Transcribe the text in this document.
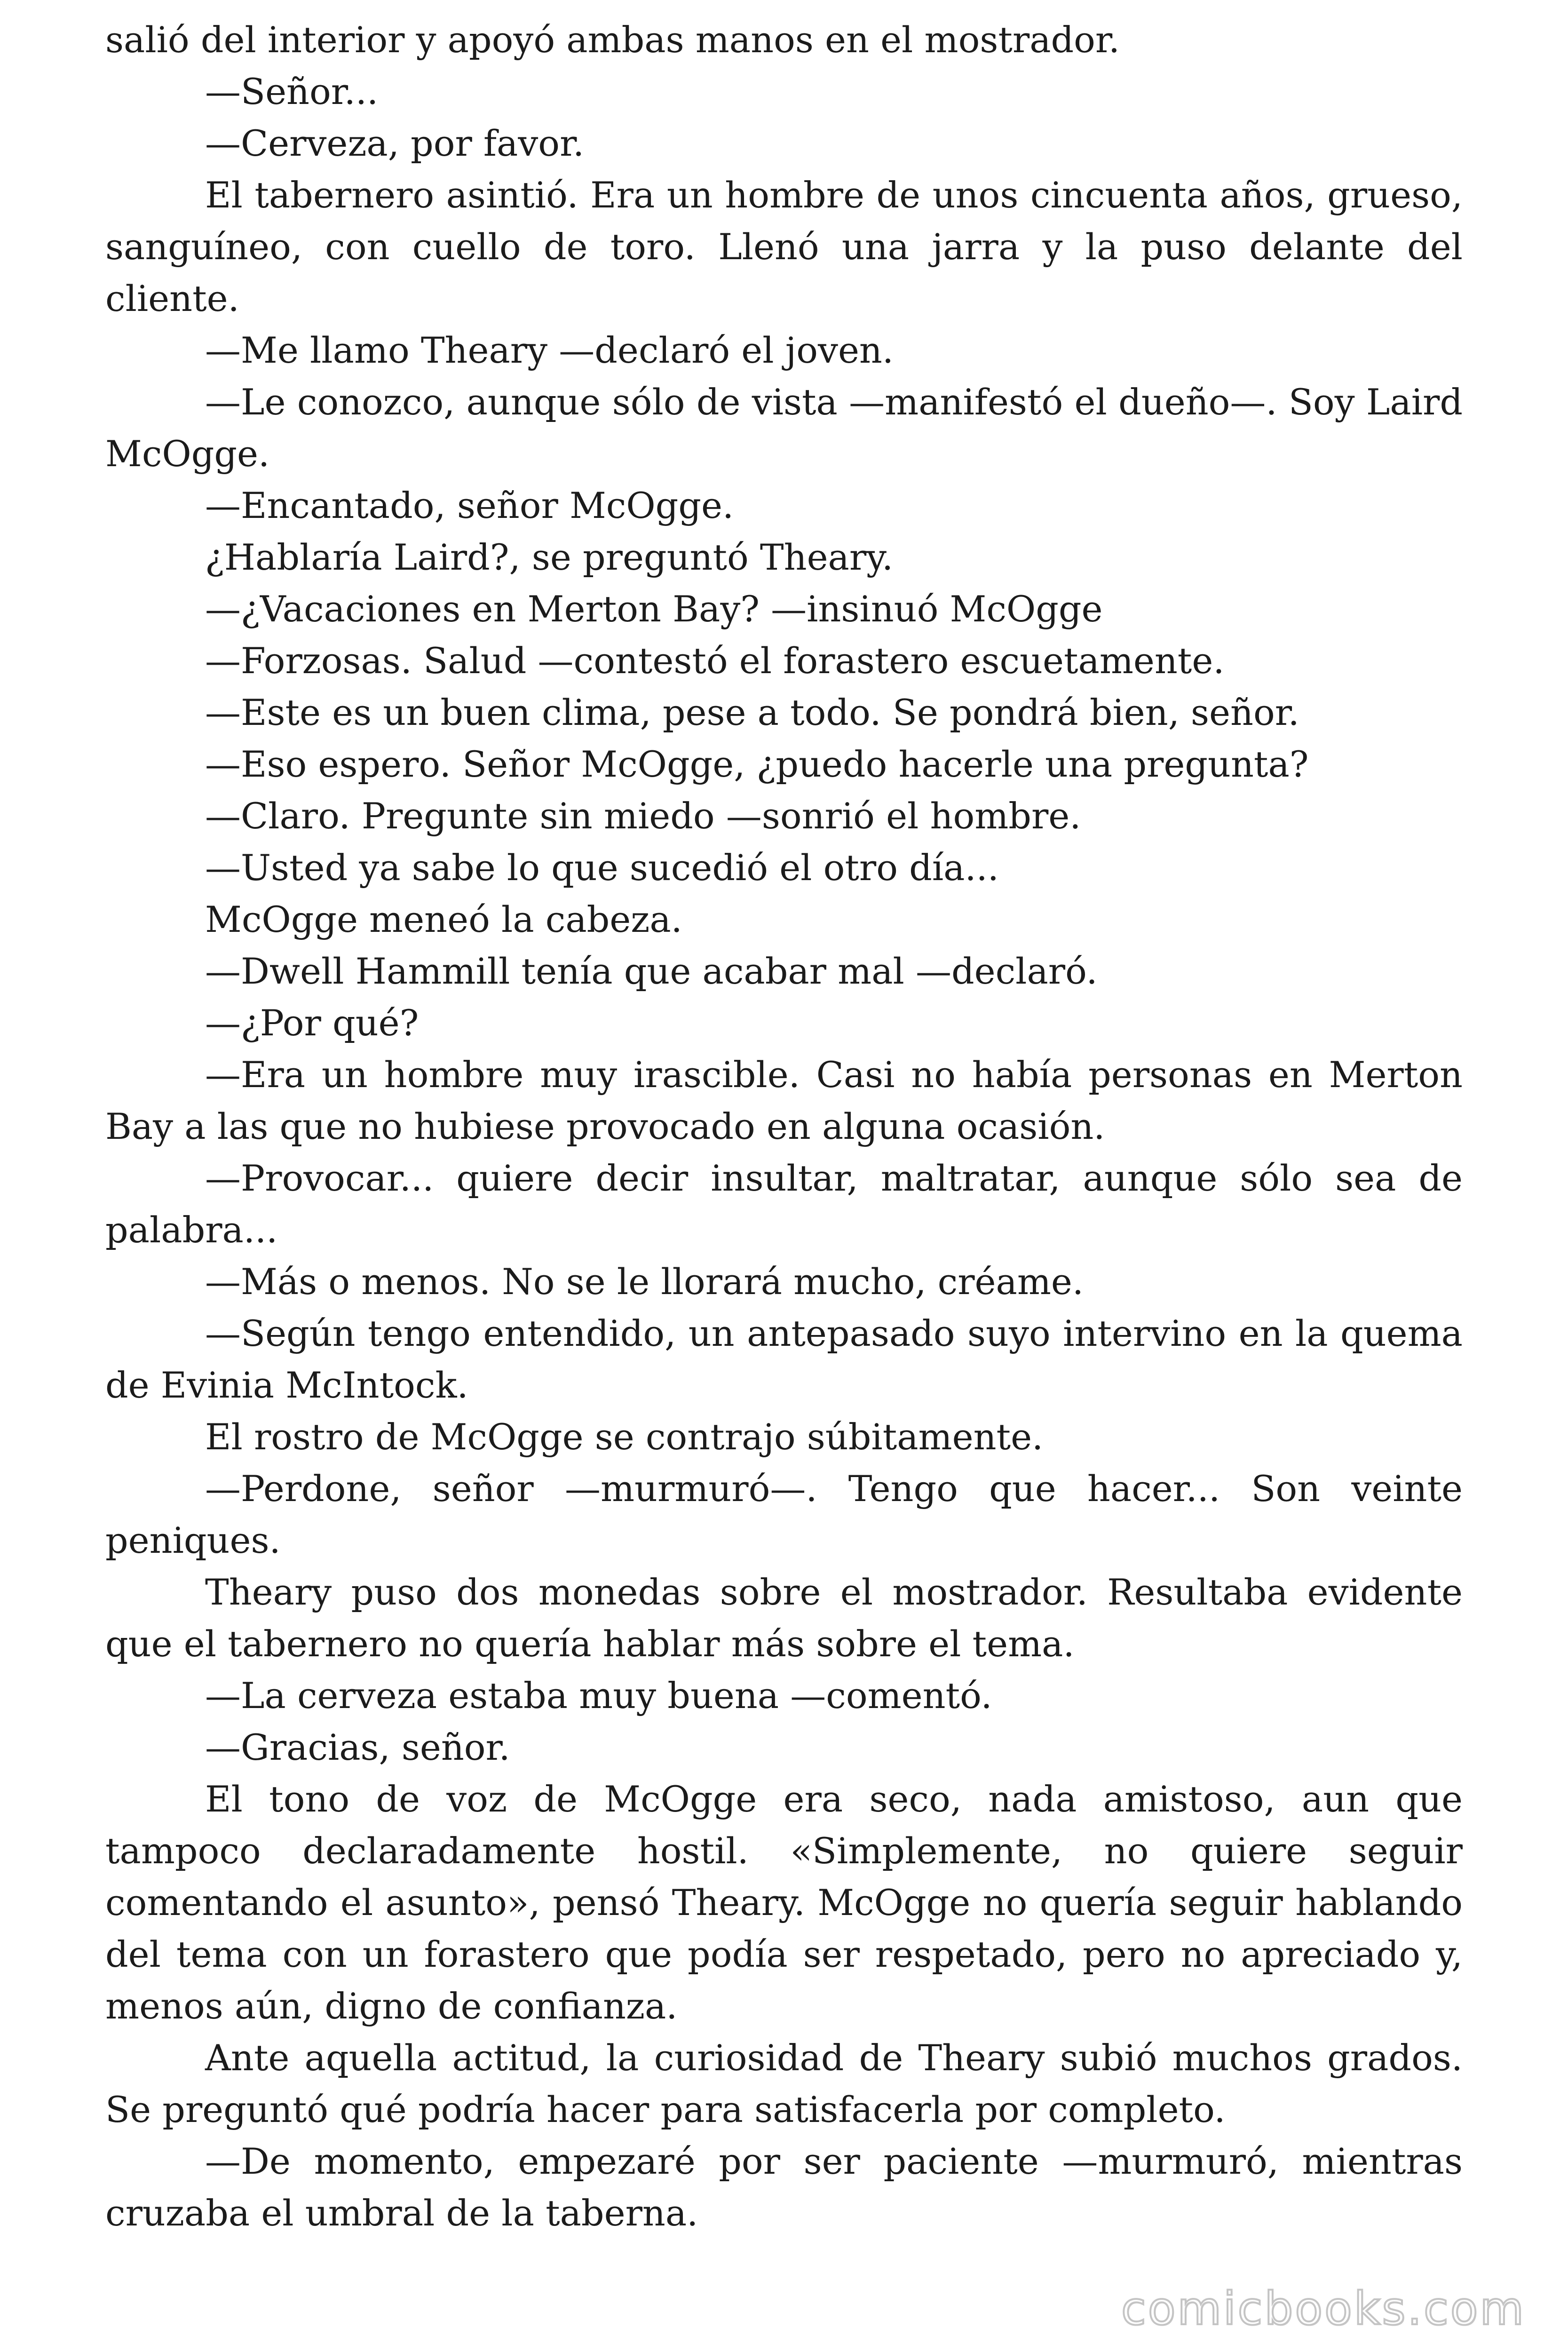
salió del interior y apoyó ambas manos en el mostrador.

—Señor...

—Cerveza, por favor.

El tabernero asintió. Era un hombre de unos cincuenta años, grueso, sanguíneo, con cuello de toro. Llenó una jarra y la puso delante del cliente.

—Me llamo Theary —declaró el joven.

—Le conozco, aunque sólo de vista —manifestó el dueño—. Soy Laird McOgge.

—Encantado, señor McOgge.

¿Hablaría Laird?, se preguntó Theary.

—¿Vacaciones en Merton Bay? —insinuó McOgge

—Forzosas. Salud —contestó el forastero escuetamente.

—Este es un buen clima, pese a todo. Se pondrá bien, señor.

—Eso espero. Señor McOgge, ¿puedo hacerle una pregunta?

—Claro. Pregunte sin miedo —sonrió el hombre.

—Usted ya sabe lo que sucedió el otro día...

McOgge meneó la cabeza.

—Dwell Hammill tenía que acabar mal —declaró.

—¿Por qué?

—Era un hombre muy irascible. Casi no había personas en Merton Bay a las que no hubiese provocado en alguna ocasión.

—Provocar... quiere decir insultar, maltratar, aunque sólo sea de palabra...

—Más o menos. No se le llorará mucho, créame.

—Según tengo entendido, un antepasado suyo intervino en la quema de Evinia McIntock.

El rostro de McOgge se contrajo súbitamente.

—Perdone, señor —murmuró—. Tengo que hacer... Son veinte peniques.

Theary puso dos monedas sobre el mostrador. Resultaba evidente que el tabernero no quería hablar más sobre el tema.

—La cerveza estaba muy buena —comentó.

—Gracias, señor.

El tono de voz de McOgge era seco, nada amistoso, aun que tampoco declaradamente hostil. «Simplemente, no quiere seguir comentando el asunto», pensó Theary. McOgge no quería seguir hablando del tema con un forastero que podía ser respetado, pero no apreciado y, menos aún, digno de confianza.

Ante aquella actitud, la curiosidad de Theary subió muchos grados. Se preguntó qué podría hacer para satisfacerla por completo.

—De momento, empezaré por ser paciente —murmuró, mientras cruzaba el umbral de la taberna.

comicbooks.com
